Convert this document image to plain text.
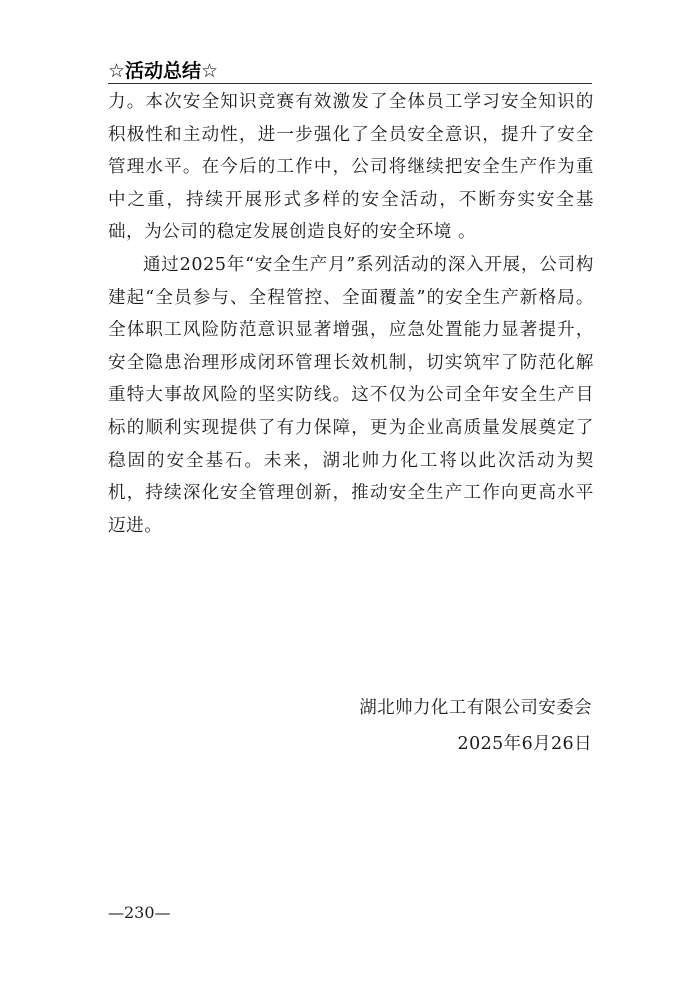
☆活动总结☆

力。本次安全知识竞赛有效激发了全体员工学习安全知识的积极性和主动性，进一步强化了全员安全意识，提升了安全管理水平。在今后的工作中，公司将继续把安全生产作为重中之重，持续开展形式多样的安全活动，不断夯实安全基础，为公司的稳定发展创造良好的安全环境 。

通过2025年“安全生产月”系列活动的深入开展，公司构建起“全员参与、全程管控、全面覆盖”的安全生产新格局。全体职工风险防范意识显著增强，应急处置能力显著提升，安全隐患治理形成闭环管理长效机制，切实筑牢了防范化解重特大事故风险的坚实防线。这不仅为公司全年安全生产目标的顺利实现提供了有力保障，更为企业高质量发展奠定了稳固的安全基石。未来，湖北帅力化工将以此次活动为契机，持续深化安全管理创新，推动安全生产工作向更高水平迈进。

湖北帅力化工有限公司安委会
2025年6月26日
—230—
